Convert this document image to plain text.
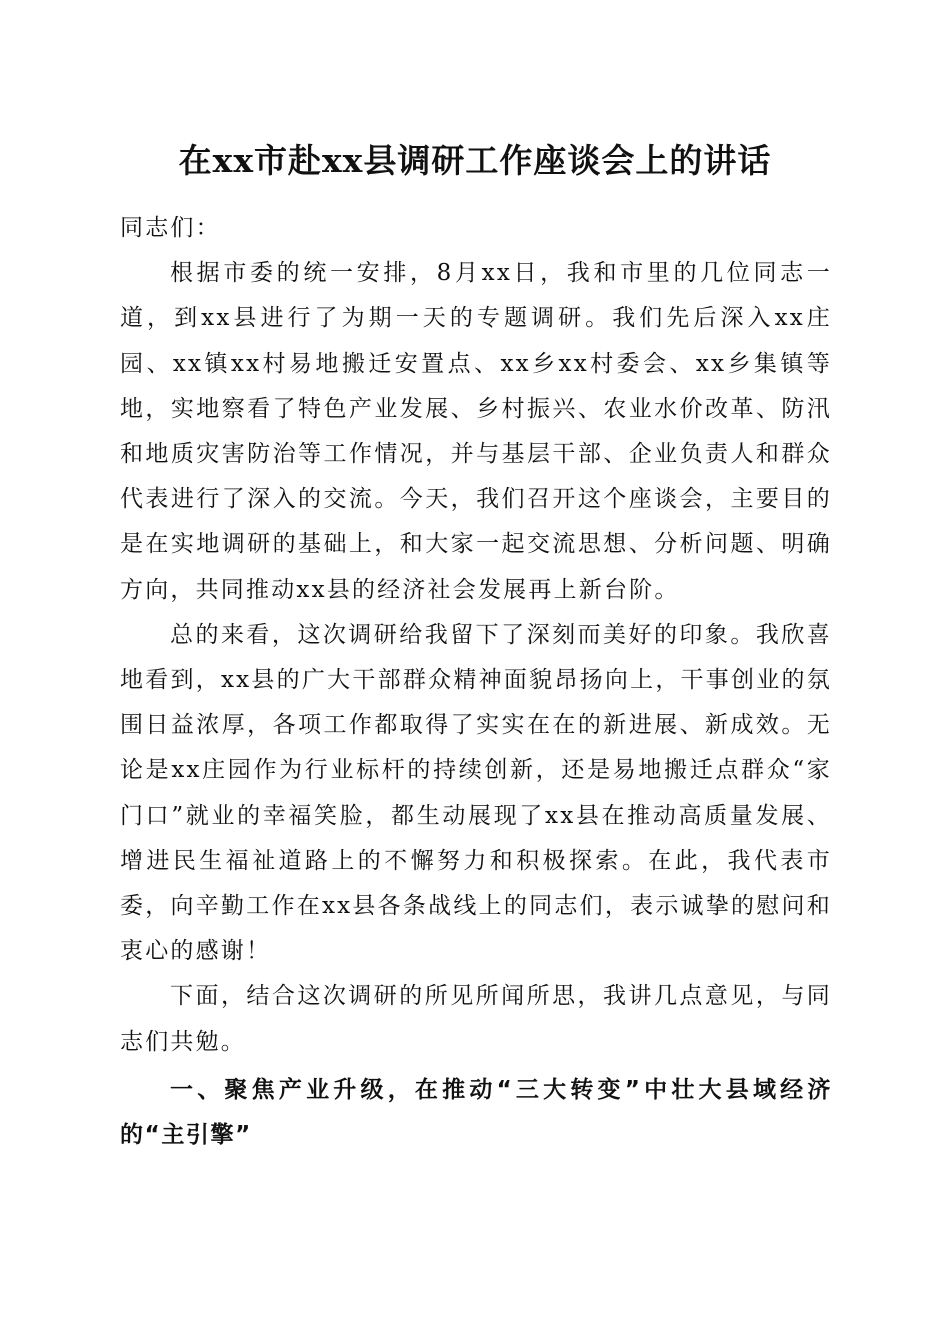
在xx市赴xx县调研工作座谈会上的讲话

同志们：

根据市委的统一安排，8月xx日，我和市里的几位同志一道，到xx县进行了为期一天的专题调研。我们先后深入xx庄园、xx镇xx村易地搬迁安置点、xx乡xx村委会、xx乡集镇等地，实地察看了特色产业发展、乡村振兴、农业水价改革、防汛和地质灾害防治等工作情况，并与基层干部、企业负责人和群众代表进行了深入的交流。今天，我们召开这个座谈会，主要目的是在实地调研的基础上，和大家一起交流思想、分析问题、明确方向，共同推动xx县的经济社会发展再上新台阶。

总的来看，这次调研给我留下了深刻而美好的印象。我欣喜地看到，xx县的广大干部群众精神面貌昂扬向上，干事创业的氛围日益浓厚，各项工作都取得了实实在在的新进展、新成效。无论是xx庄园作为行业标杆的持续创新，还是易地搬迁点群众“家门口”就业的幸福笑脸，都生动展现了xx县在推动高质量发展、增进民生福祉道路上的不懈努力和积极探索。在此，我代表市委，向辛勤工作在xx县各条战线上的同志们，表示诚挚的慰问和衷心的感谢！

下面，结合这次调研的所见所闻所思，我讲几点意见，与同志们共勉。

一、聚焦产业升级，在推动“三大转变”中壮大县域经济的“主引擎”
